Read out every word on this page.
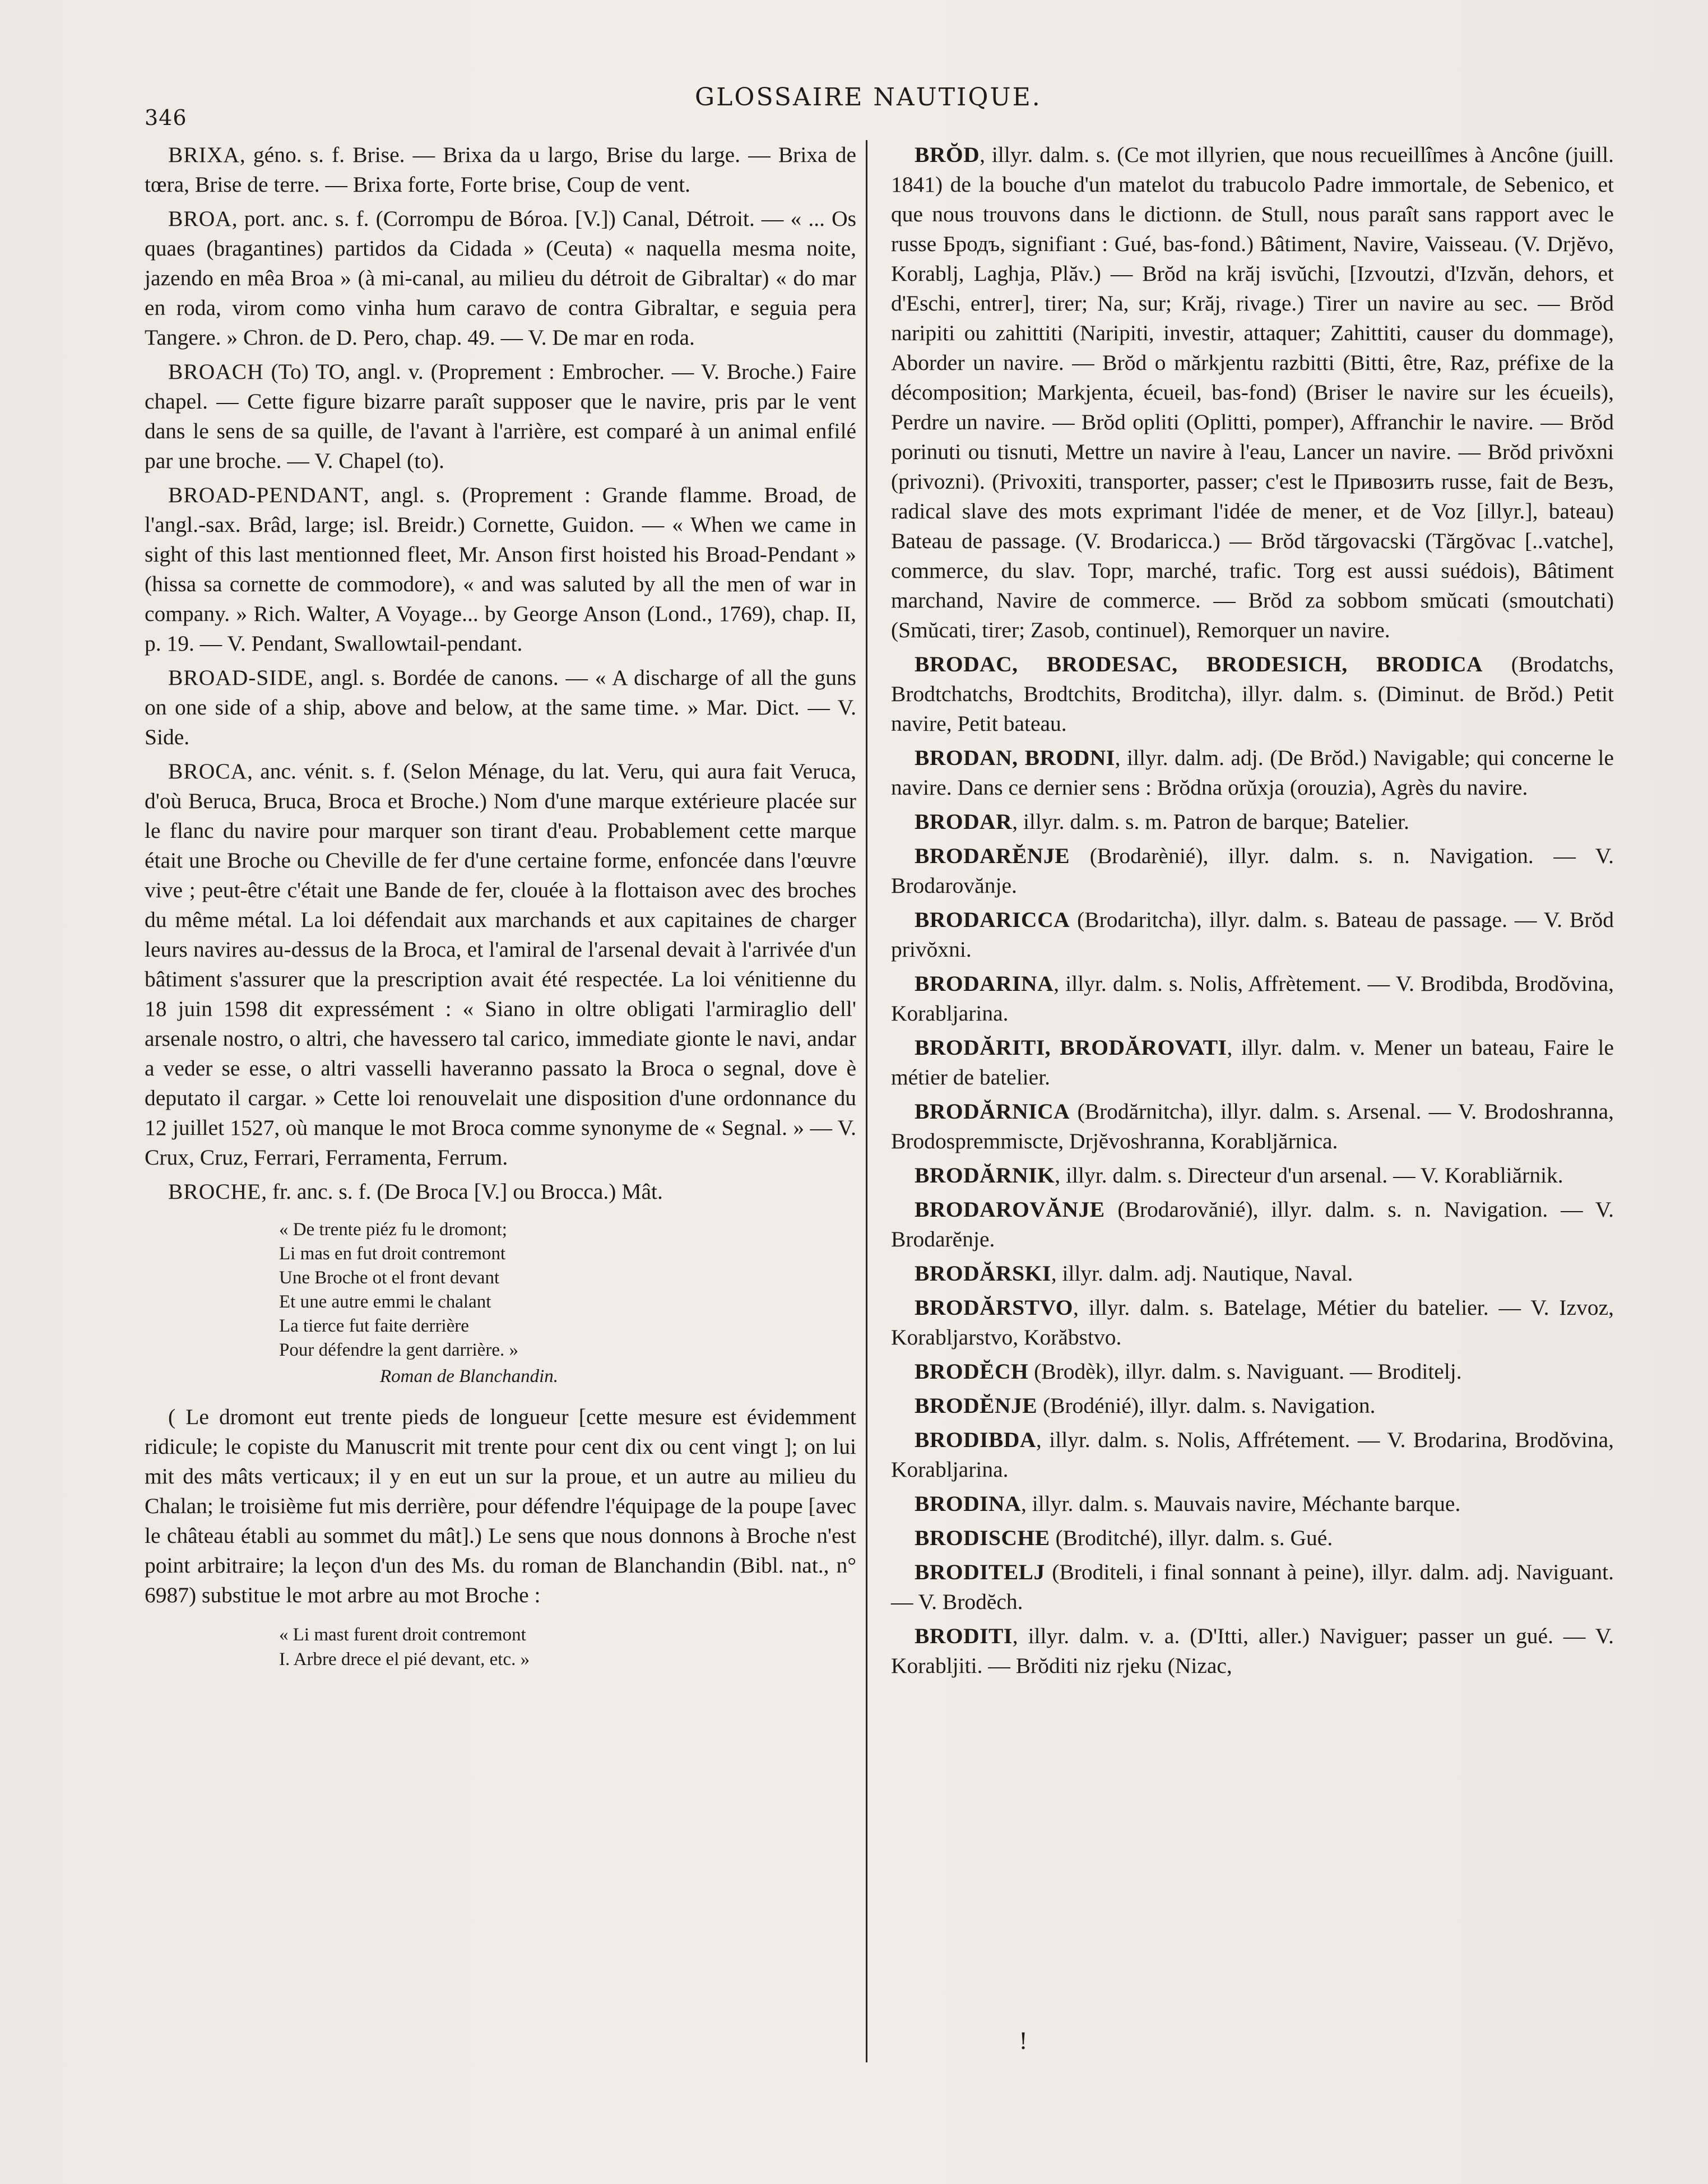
346
GLOSSAIRE NAUTIQUE.

BRIXA, géno. s. f. Brise. — Brixa da u largo, Brise du large. — Brixa de tœra, Brise de terre. — Brixa forte, Forte brise, Coup de vent.

BROA, port. anc. s. f. (Corrompu de Bóroa. [V.]) Canal, Détroit. — « ... Os quaes (bragantines) partidos da Cidada » (Ceuta) « naquella mesma noite, jazendo en mêa Broa » (à mi-canal, au milieu du détroit de Gibraltar) « do mar en roda, virom como vinha hum caravo de contra Gibraltar, e seguia pera Tangere. » Chron. de D. Pero, chap. 49. — V. De mar en roda.

BROACH (To) TO, angl. v. (Proprement : Embrocher. — V. Broche.) Faire chapel. — Cette figure bizarre paraît supposer que le navire, pris par le vent dans le sens de sa quille, de l'avant à l'arrière, est comparé à un animal enfilé par une broche. — V. Chapel (to).

BROAD-PENDANT, angl. s. (Proprement : Grande flamme. Broad, de l'angl.-sax. Brâd, large; isl. Breidr.) Cornette, Guidon. — « When we came in sight of this last mentionned fleet, Mr. Anson first hoisted his Broad-Pendant » (hissa sa cornette de commodore), « and was saluted by all the men of war in company. » Rich. Walter, A Voyage... by George Anson (Lond., 1769), chap. II, p. 19. — V. Pendant, Swallowtail-pendant.

BROAD-SIDE, angl. s. Bordée de canons. — « A discharge of all the guns on one side of a ship, above and below, at the same time. » Mar. Dict. — V. Side.

BROCA, anc. vénit. s. f. (Selon Ménage, du lat. Veru, qui aura fait Veruca, d'où Beruca, Bruca, Broca et Broche.) Nom d'une marque extérieure placée sur le flanc du navire pour marquer son tirant d'eau. Probablement cette marque était une Broche ou Cheville de fer d'une certaine forme, enfoncée dans l'œuvre vive ; peut-être c'était une Bande de fer, clouée à la flottaison avec des broches du même métal. La loi défendait aux marchands et aux capitaines de charger leurs navires au-dessus de la Broca, et l'amiral de l'arsenal devait à l'arrivée d'un bâtiment s'assurer que la prescription avait été respectée. La loi vénitienne du 18 juin 1598 dit expressément : « Siano in oltre obligati l'armiraglio dell' arsenale nostro, o altri, che havessero tal carico, immediate gionte le navi, andar a veder se esse, o altri vasselli haveranno passato la Broca o segnal, dove è deputato il cargar. » Cette loi renouvelait une disposition d'une ordonnance du 12 juillet 1527, où manque le mot Broca comme synonyme de « Segnal. » — V. Crux, Cruz, Ferrari, Ferramenta, Ferrum.

BROCHE, fr. anc. s. f. (De Broca [V.] ou Brocca.) Mât.

« De trente piéz fu le dromont;
Li mas en fut droit contremont
Une Broche ot el front devant
Et une autre emmi le chalant
La tierce fut faite derrière
Pour défendre la gent darrière. »
Roman de Blanchandin.

( Le dromont eut trente pieds de longueur [cette mesure est évidemment ridicule; le copiste du Manuscrit mit trente pour cent dix ou cent vingt ]; on lui mit des mâts verticaux; il y en eut un sur la proue, et un autre au milieu du Chalan; le troisième fut mis derrière, pour défendre l'équipage de la poupe [avec le château établi au sommet du mât].) Le sens que nous donnons à Broche n'est point arbitraire; la leçon d'un des Ms. du roman de Blanchandin (Bibl. nat., n° 6987) substitue le mot arbre au mot Broche :

« Li mast furent droit contremont
I. Arbre drece el pié devant, etc. »

BRŎD, illyr. dalm. s. (Ce mot illyrien, que nous recueillîmes à Ancône (juill. 1841) de la bouche d'un matelot du trabucolo Padre immortale, de Sebenico, et que nous trouvons dans le dictionn. de Stull, nous paraît sans rapport avec le russe Бродъ, signifiant : Gué, bas-fond.) Bâtiment, Navire, Vaisseau. (V. Drjĕvo, Korablj, Laghja, Plăv.) — Brŏd na krăj isvŭchi, [Izvoutzi, d'Izvăn, dehors, et d'Eschi, entrer], tirer; Na, sur; Krăj, rivage.) Tirer un navire au sec. — Brŏd naripiti ou zahittiti (Naripiti, investir, attaquer; Zahittiti, causer du dommage), Aborder un navire. — Brŏd o mărkjentu razbitti (Bitti, être, Raz, préfixe de la décomposition; Markjenta, écueil, bas-fond) (Briser le navire sur les écueils), Perdre un navire. — Brŏd opliti (Oplitti, pomper), Affranchir le navire. — Brŏd porinuti ou tisnuti, Mettre un navire à l'eau, Lancer un navire. — Brŏd privŏxni (privozni). (Privoxiti, transporter, passer; c'est le Привозить russe, fait de Везъ, radical slave des mots exprimant l'idée de mener, et de Voz [illyr.], bateau) Bateau de passage. (V. Brodaricca.) — Brŏd tărgovacski (Tărgŏvac [..vatche], commerce, du slav. Торг, marché, trafic. Torg est aussi suédois), Bâtiment marchand, Navire de commerce. — Brŏd za sobbom smŭcati (smoutchati) (Smŭcati, tirer; Zasob, continuel), Remorquer un navire.

BRODAC, BRODESAC, BRODESICH, BRODICA (Brodatchs, Brodtchatchs, Brodtchits, Broditcha), illyr. dalm. s. (Diminut. de Brŏd.) Petit navire, Petit bateau.

BRODAN, BRODNI, illyr. dalm. adj. (De Brŏd.) Navigable; qui concerne le navire. Dans ce dernier sens : Brŏdna orŭxja (orouzia), Agrès du navire.

BRODAR, illyr. dalm. s. m. Patron de barque; Batelier.

BRODARĔNJE (Brodarènié), illyr. dalm. s. n. Navigation. — V. Brodarovănje.

BRODARICCA (Brodaritcha), illyr. dalm. s. Bateau de passage. — V. Brŏd privŏxni.

BRODARINA, illyr. dalm. s. Nolis, Affrètement. — V. Brodibda, Brodŏvina, Korabljarina.

BRODĂRITI, BRODĂROVATI, illyr. dalm. v. Mener un bateau, Faire le métier de batelier.

BRODĂRNICA (Brodărnitcha), illyr. dalm. s. Arsenal. — V. Brodoshranna, Brodospremmiscte, Drjĕvoshranna, Korabljărnica.

BRODĂRNIK, illyr. dalm. s. Directeur d'un arsenal. — V. Korabliărnik.

BRODAROVĂNJE (Brodarovănié), illyr. dalm. s. n. Navigation. — V. Brodarĕnje.

BRODĂRSKI, illyr. dalm. adj. Nautique, Naval.

BRODĂRSTVO, illyr. dalm. s. Batelage, Métier du batelier. — V. Izvoz, Korabljarstvo, Korăbstvo.

BRODĔCH (Brodèk), illyr. dalm. s. Naviguant. — Broditelj.

BRODĔNJE (Brodénié), illyr. dalm. s. Navigation.

BRODIBDA, illyr. dalm. s. Nolis, Affrétement. — V. Brodarina, Brodŏvina, Korabljarina.

BRODINA, illyr. dalm. s. Mauvais navire, Méchante barque.

BRODISCHE (Broditché), illyr. dalm. s. Gué.

BRODITELJ (Broditeli, i final sonnant à peine), illyr. dalm. adj. Naviguant. — V. Brodĕch.

BRODITI, illyr. dalm. v. a. (D'Itti, aller.) Naviguer; passer un gué. — V. Korabljiti. — Brŏditi niz rjeku (Nizac,

!
